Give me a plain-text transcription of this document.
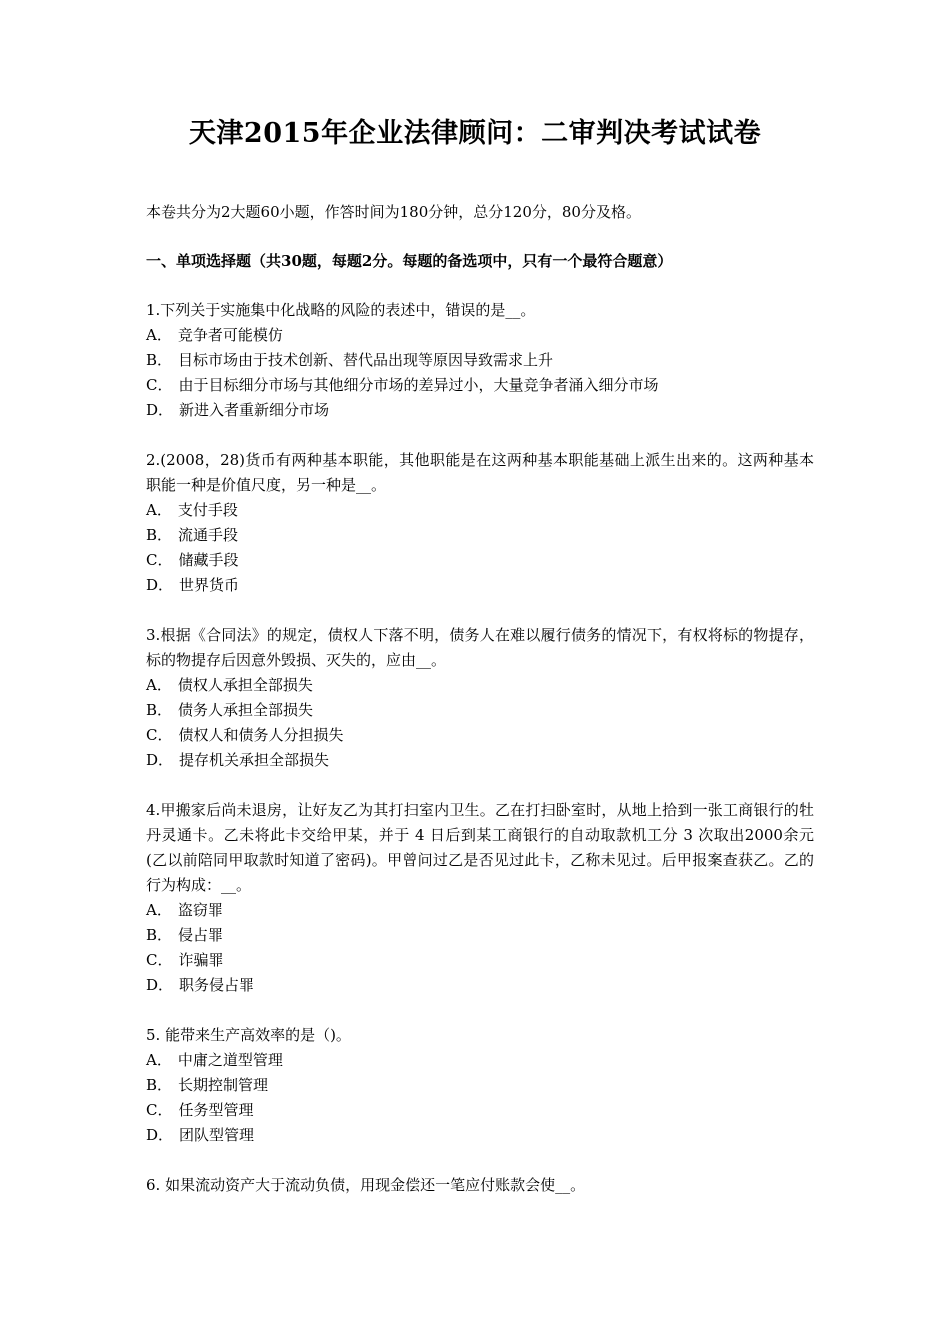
天津2015年企业法律顾问：二审判决考试试卷
本卷共分为2大题60小题，作答时间为180分钟，总分120分，80分及格。
一、单项选择题（共30题，每题2分。每题的备选项中，只有一个最符合题意）
1.下列关于实施集中化战略的风险的表述中，错误的是__。
A． 竞争者可能模仿
B． 目标市场由于技术创新、替代品出现等原因导致需求上升
C． 由于目标细分市场与其他细分市场的差异过小，大量竞争者涌入细分市场
D． 新进入者重新细分市场
2.(2008，28)货币有两种基本职能，其他职能是在这两种基本职能基础上派生出来的。这两种基本职能一种是价值尺度，另一种是__。
A． 支付手段
B． 流通手段
C． 储藏手段
D． 世界货币
3.根据《合同法》的规定，债权人下落不明，债务人在难以履行债务的情况下，有权将标的物提存，标的物提存后因意外毁损、灭失的，应由__。
A． 债权人承担全部损失
B． 债务人承担全部损失
C． 债权人和债务人分担损失
D． 提存机关承担全部损失
4.甲搬家后尚未退房，让好友乙为其打扫室内卫生。乙在打扫卧室时，从地上拾到一张工商银行的牡丹灵通卡。乙未将此卡交给甲某，并于 4 日后到某工商银行的自动取款机工分 3 次取出2000余元 (乙以前陪同甲取款时知道了密码)。甲曾问过乙是否见过此卡，乙称未见过。后甲报案查获乙。乙的行为构成：__。
A． 盗窃罪
B． 侵占罪
C． 诈骗罪
D． 职务侵占罪
5. 能带来生产高效率的是（)。
A． 中庸之道型管理
B． 长期控制管理
C． 任务型管理
D． 团队型管理
6. 如果流动资产大于流动负债，用现金偿还一笔应付账款会使__。
